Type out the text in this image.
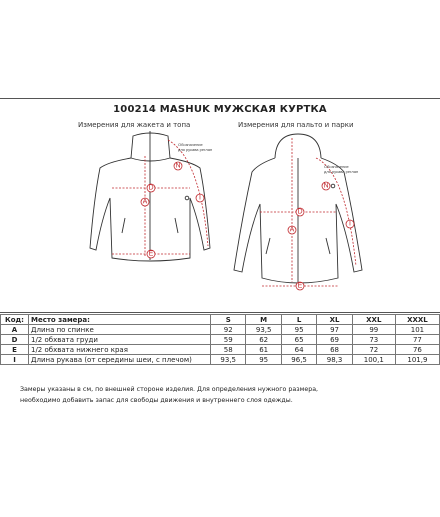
100214 MASHUK МУЖСКАЯ КУРТКА
Измерения для жакета и топа	Измерения для пальто и парки
A
D
E
N
I
Обозначение
для рукава реглан
A
D
E
N
I
Обозначение
для рукава реглан
Код:	Место замера:	S	M	L	XL	XXL	XXXL
A	Длина по спинке	92	93,5	95	97	99	101
D	1/2 обхвата груди	59	62	65	69	73	77
E	1/2 обхвата нижнего края	58	61	64	68	72	76
I	Длина рукава (от середины шеи, с плечом)	93,5	95	96,5	98,3	100,1	101,9
Замеры указаны в см, по внешней стороне изделия. Для определения нужного размера,
необходимо добавить запас для свободы движения и внутреннего слоя одежды.
